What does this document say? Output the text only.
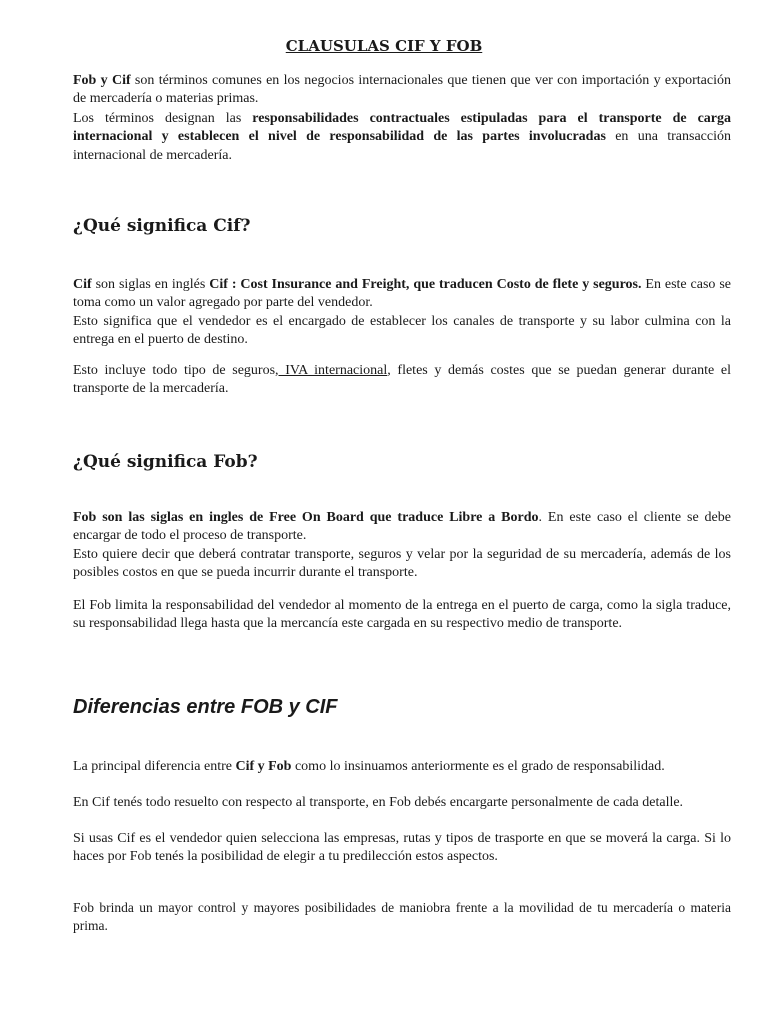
CLAUSULAS CIF Y FOB

Fob y Cif son términos comunes en los negocios internacionales que tienen que ver con importación y exportación de mercadería o materias primas.

Los términos designan las responsabilidades contractuales estipuladas para el transporte de carga internacional y establecen el nivel de responsabilidad de las partes involucradas en una transacción internacional de mercadería.

¿Qué significa Cif?

Cif son siglas en inglés Cif : Cost Insurance and Freight, que traducen Costo de flete y seguros. En este caso se toma como un valor agregado por parte del vendedor.

Esto significa que el vendedor es el encargado de establecer los canales de transporte y su labor culmina con la entrega en el puerto de destino.

Esto incluye todo tipo de seguros, IVA internacional, fletes y demás costes que se puedan generar durante el transporte de la mercadería.

¿Qué significa Fob?

Fob son las siglas en ingles de Free On Board que traduce Libre a Bordo. En este caso el cliente se debe encargar de todo el proceso de transporte.

Esto quiere decir que deberá contratar transporte, seguros y velar por la seguridad de su mercadería, además de los posibles costos en que se pueda incurrir durante el transporte.

El Fob limita la responsabilidad del vendedor al momento de la entrega en el puerto de carga, como la sigla traduce, su responsabilidad llega hasta que la mercancía este cargada en su respectivo medio de transporte.

Diferencias entre FOB y CIF

La principal diferencia entre Cif y Fob como lo insinuamos anteriormente es el grado de responsabilidad.

En Cif tenés todo resuelto con respecto al transporte, en Fob debés encargarte personalmente de cada detalle.

Si usas Cif es el vendedor quien selecciona las empresas, rutas y tipos de trasporte en que se moverá la carga. Si lo haces por Fob tenés la posibilidad de elegir a tu predilección estos aspectos.

Fob brinda un mayor control y mayores posibilidades de maniobra frente a la movilidad de tu mercadería o materia prima.
